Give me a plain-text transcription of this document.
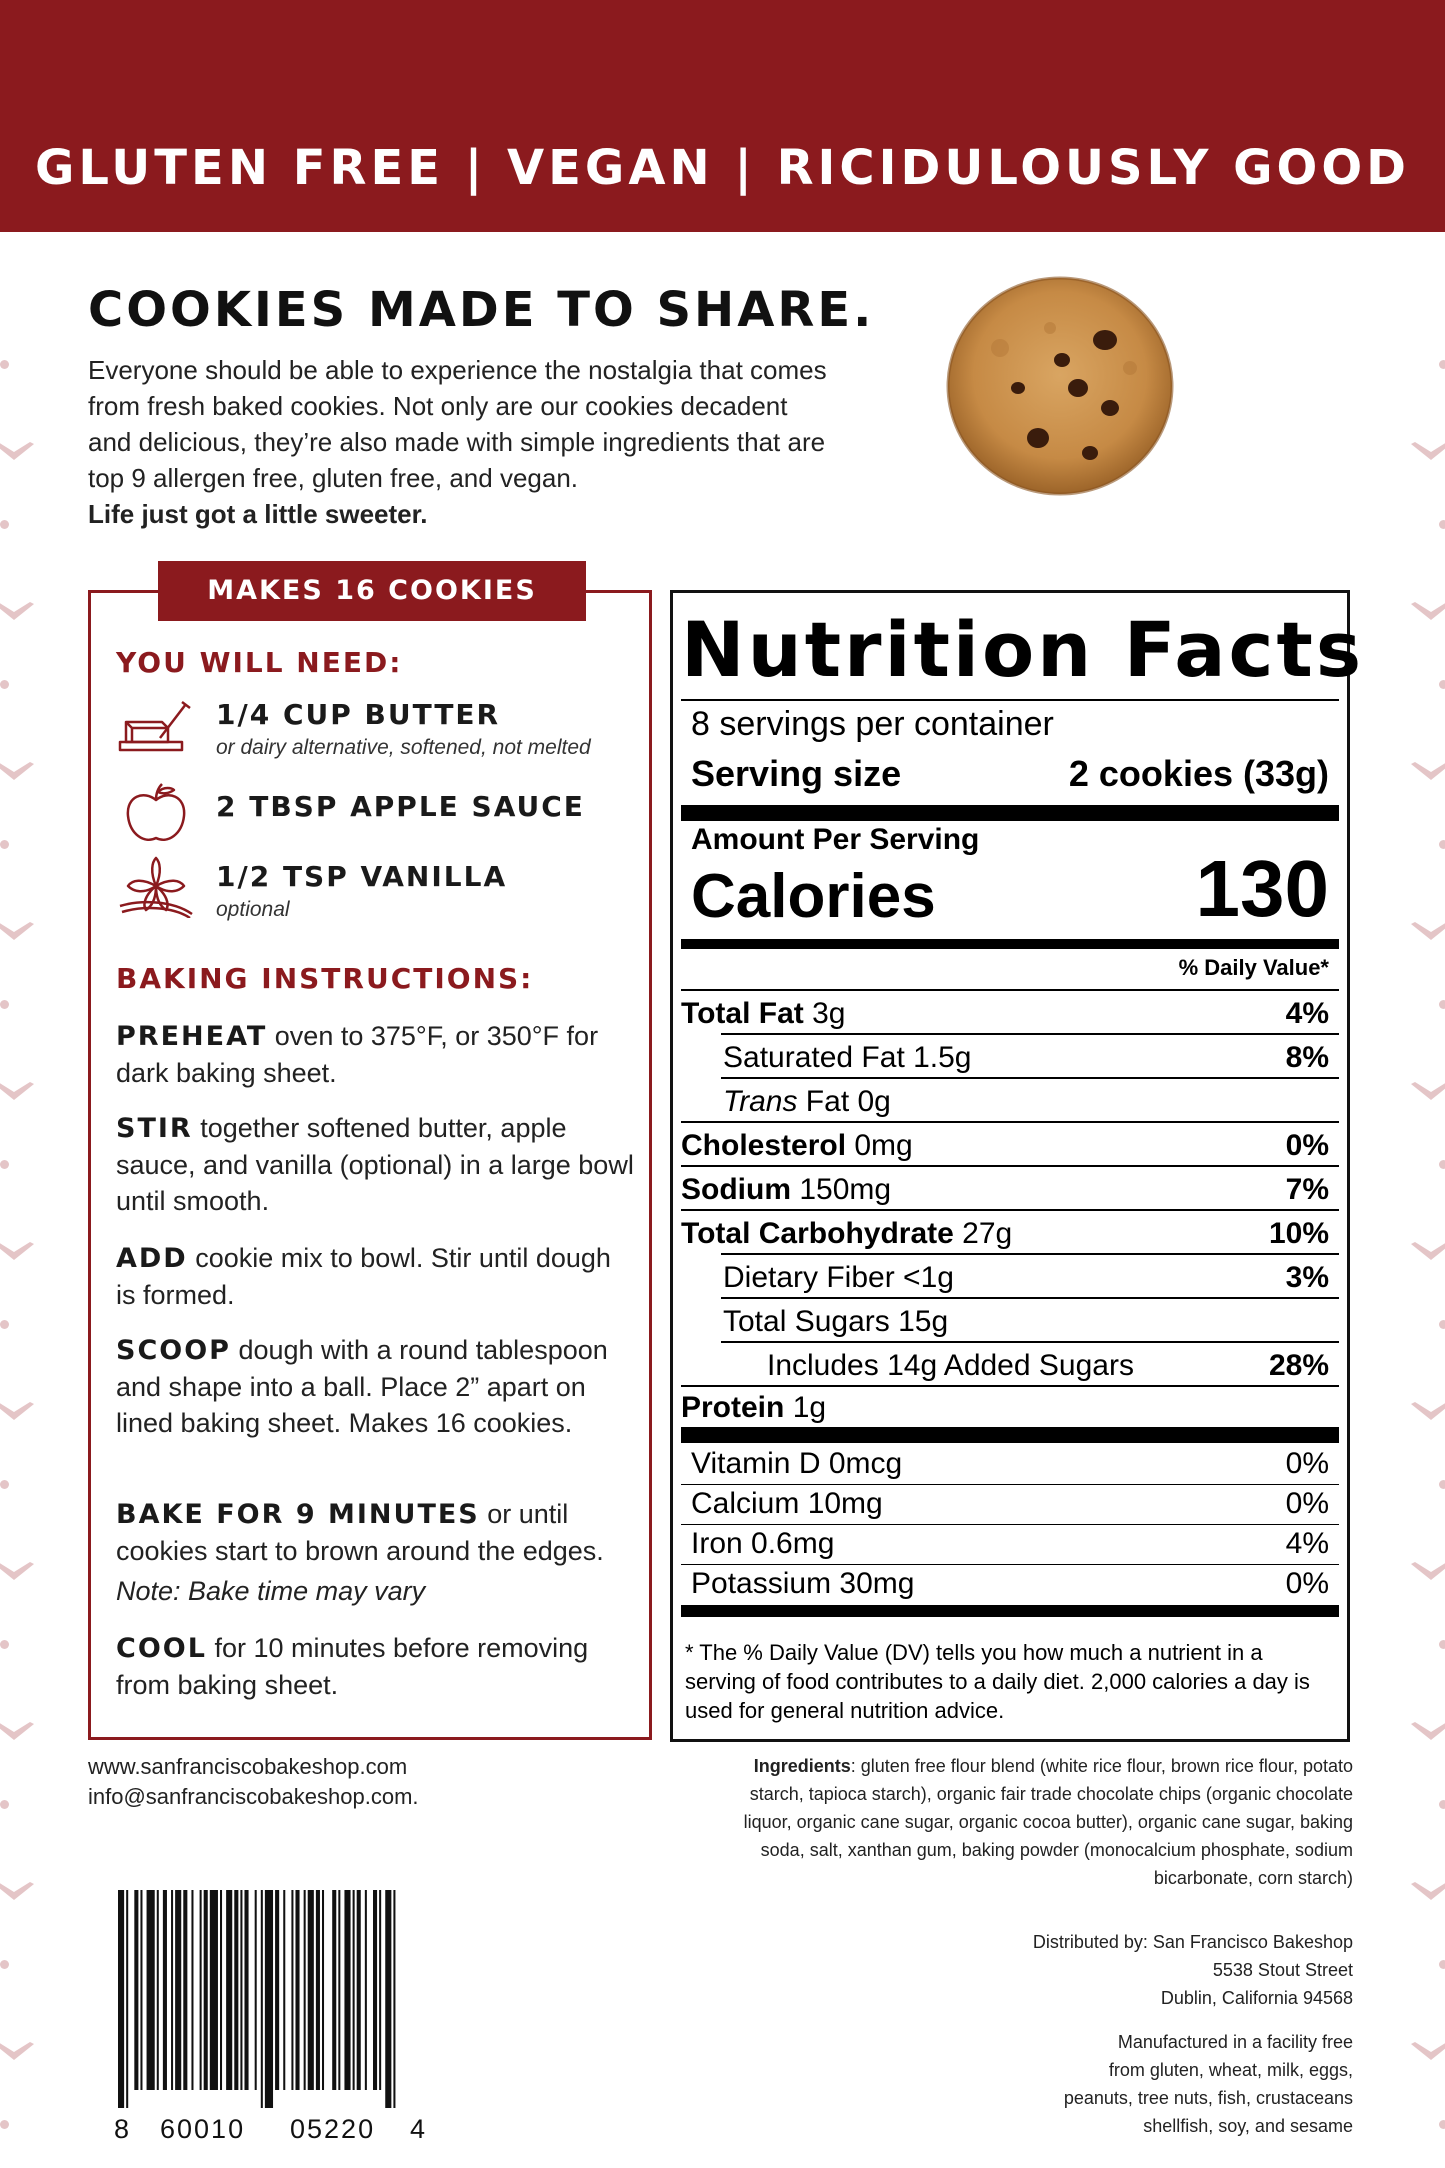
GLUTEN FREE | VEGAN | RICIDULOUSLY GOOD
COOKIES MADE TO SHARE.
Everyone should be able to experience the nostalgia that comes from fresh baked cookies. Not only are our cookies decadent and delicious, they’re also made with simple ingredients that are top 9 allergen free, gluten free, and vegan.
Life just got a little sweeter.
MAKES 16 COOKIES
YOU WILL NEED:
1/4 CUP BUTTER
or dairy alternative, softened, not melted
2 TBSP APPLE SAUCE
1/2 TSP VANILLA
optional
BAKING INSTRUCTIONS:
PREHEAT oven to 375°F, or 350°F for dark baking sheet.
STIR together softened butter, apple sauce, and vanilla (optional) in a large bowl until smooth.
ADD cookie mix to bowl. Stir until dough is formed.
SCOOP dough with a round tablespoon and shape into a ball. Place 2” apart on lined baking sheet. Makes 16 cookies.
BAKE FOR 9 MINUTES or until cookies start to brown around the edges.
Note: Bake time may vary
COOL for 10 minutes before removing from baking sheet.
Nutrition Facts
8 servings per container
Serving size	2 cookies (33g)
Amount Per Serving
Calories	130
% Daily Value*
Total Fat 3g	4%
Saturated Fat 1.5g	8%
Trans Fat 0g
Cholesterol 0mg	0%
Sodium 150mg	7%
Total Carbohydrate 27g	10%
Dietary Fiber <1g	3%
Total Sugars 15g
Includes 14g Added Sugars	28%
Protein 1g
Vitamin D 0mcg	0%
Calcium 10mg	0%
Iron 0.6mg	4%
Potassium 30mg	0%
* The % Daily Value (DV) tells you how much a nutrient in a serving of food contributes to a daily diet. 2,000 calories a day is used for general nutrition advice.
www.sanfranciscobakeshop.com
info@sanfranciscobakeshop.com.
Ingredients: gluten free flour blend (white rice flour, brown rice flour, potato starch, tapioca starch), organic fair trade chocolate chips (organic chocolate liquor, organic cane sugar, organic cocoa butter), organic cane sugar, baking soda, salt, xanthan gum, baking powder (monocalcium phosphate, sodium bicarbonate, corn starch)
Distributed by: San Francisco Bakeshop
5538 Stout Street
Dublin, California 94568
Manufactured in a facility free
from gluten, wheat, milk, eggs,
peanuts, tree nuts, fish, crustaceans
shellfish, soy, and sesame
8 60010 05220 4
